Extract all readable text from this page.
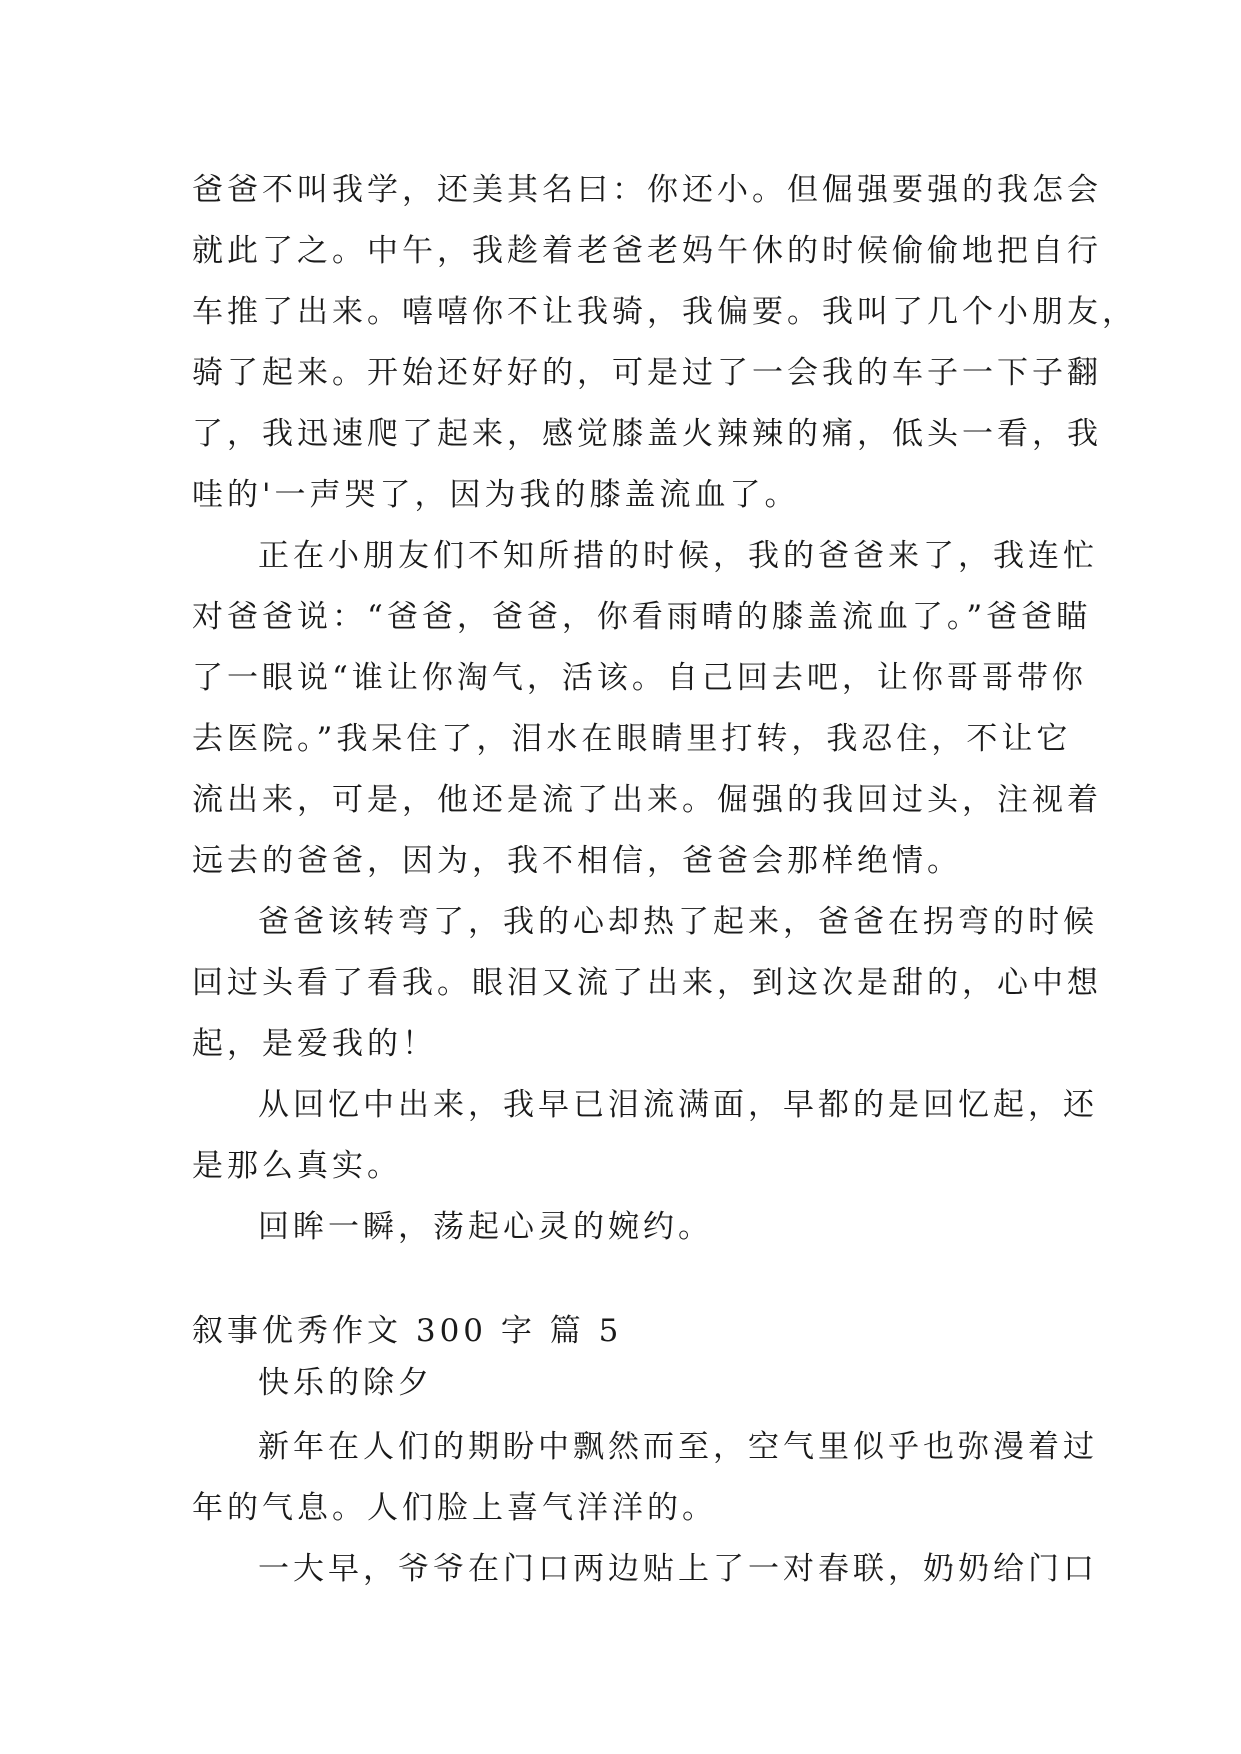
爸爸不叫我学，还美其名曰：你还小。但倔强要强的我怎会
就此了之。中午，我趁着老爸老妈午休的时候偷偷地把自行
车推了出来。嘻嘻你不让我骑，我偏要。我叫了几个小朋友，
骑了起来。开始还好好的，可是过了一会我的车子一下子翻
了，我迅速爬了起来，感觉膝盖火辣辣的痛，低头一看，我
哇的'一声哭了，因为我的膝盖流血了。
正在小朋友们不知所措的时候，我的爸爸来了，我连忙
对爸爸说：“爸爸，爸爸，你看雨晴的膝盖流血了。”爸爸瞄
了一眼说“谁让你淘气，活该。自己回去吧，让你哥哥带你
去医院。”我呆住了，泪水在眼睛里打转，我忍住，不让它
流出来，可是，他还是流了出来。倔强的我回过头，注视着
远去的爸爸，因为，我不相信，爸爸会那样绝情。
爸爸该转弯了，我的心却热了起来，爸爸在拐弯的时候
回过头看了看我。眼泪又流了出来，到这次是甜的，心中想
起，是爱我的！
从回忆中出来，我早已泪流满面，早都的是回忆起，还
是那么真实。
回眸一瞬，荡起心灵的婉约。
叙事优秀作文 300 字 篇 5
快乐的除夕
新年在人们的期盼中飘然而至，空气里似乎也弥漫着过
年的气息。人们脸上喜气洋洋的。
一大早，爷爷在门口两边贴上了一对春联，奶奶给门口
